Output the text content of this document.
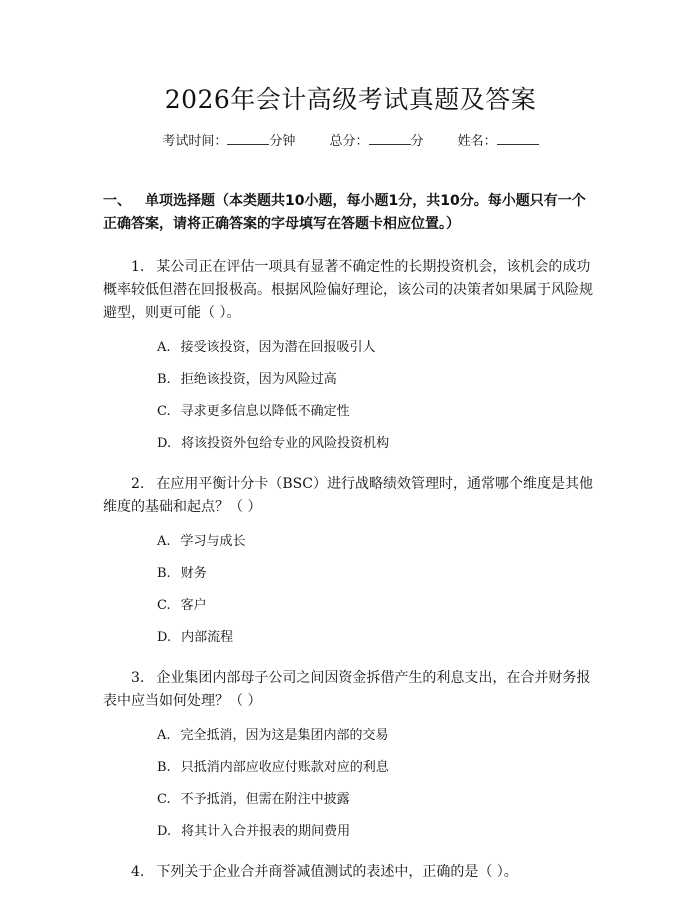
2026年会计高级考试真题及答案
考试时间：	分钟	总分：	分	姓名：
一、 单项选择题（本类题共10小题，每小题1分，共10分。每小题只有一个正确答案，请将正确答案的字母填写在答题卡相应位置。）
1. 某公司正在评估一项具有显著不确定性的长期投资机会，该机会的成功概率较低但潜在回报极高。根据风险偏好理论，该公司的决策者如果属于风险规避型，则更可能（ ）。
A. 接受该投资，因为潜在回报吸引人
B. 拒绝该投资，因为风险过高
C. 寻求更多信息以降低不确定性
D. 将该投资外包给专业的风险投资机构
2. 在应用平衡计分卡（BSC）进行战略绩效管理时，通常哪个维度是其他维度的基础和起点？（ ）
A. 学习与成长
B. 财务
C. 客户
D. 内部流程
3. 企业集团内部母子公司之间因资金拆借产生的利息支出，在合并财务报表中应当如何处理？（ ）
A. 完全抵消，因为这是集团内部的交易
B. 只抵消内部应收应付账款对应的利息
C. 不予抵消，但需在附注中披露
D. 将其计入合并报表的期间费用
4. 下列关于企业合并商誉减值测试的表述中，正确的是（ ）。
